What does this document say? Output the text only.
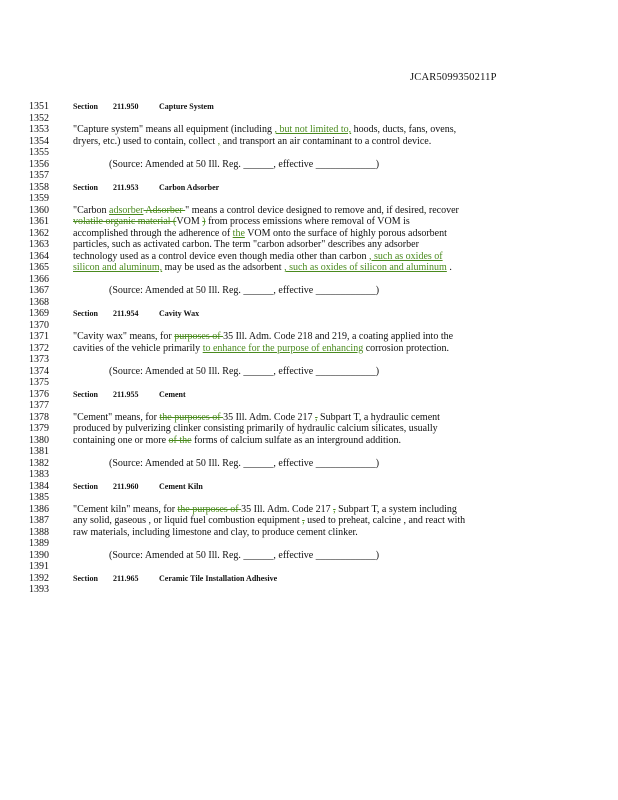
JCAR5099350211P
1351	Section 211.950	Capture System
1352
1353	"Capture system" means all equipment (including , but not limited to, hoods, ducts, fans, ovens,
1354	dryers, etc.) used to contain, collect , and transport an air contaminant to a control device.
1355
1356	(Source: Amended at 50 Ill. Reg. ______, effective ____________)
1357
1358	Section 211.953	Carbon Adsorber
1359
1360	"Carbon adsorber Adsorber " means a control device designed to remove and, if desired, recover
1361	volatile organic material (VOM ) from process emissions where removal of VOM is
1362	accomplished through the adherence of the VOM onto the surface of highly porous adsorbent
1363	particles, such as activated carbon. The term "carbon adsorber" describes any adsorber
1364	technology used as a control device even though media other than carbon , such as oxides of
1365	silicon and aluminum, may be used as the adsorbent , such as oxides of silicon and aluminum .
1366
1367	(Source: Amended at 50 Ill. Reg. ______, effective ____________)
1368
1369	Section 211.954	Cavity Wax
1370
1371	"Cavity wax" means, for purposes of 35 Ill. Adm. Code 218 and 219, a coating applied into the
1372	cavities of the vehicle primarily to enhance for the purpose of enhancing corrosion protection.
1373
1374	(Source: Amended at 50 Ill. Reg. ______, effective ____________)
1375
1376	Section 211.955	Cement
1377
1378	"Cement" means, for the purposes of 35 Ill. Adm. Code 217 , Subpart T, a hydraulic cement
1379	produced by pulverizing clinker consisting primarily of hydraulic calcium silicates, usually
1380	containing one or more of the forms of calcium sulfate as an interground addition.
1381
1382	(Source: Amended at 50 Ill. Reg. ______, effective ____________)
1383
1384	Section 211.960	Cement Kiln
1385
1386	"Cement kiln" means, for the purposes of 35 Ill. Adm. Code 217 , Subpart T, a system including
1387	any solid, gaseous , or liquid fuel combustion equipment , used to preheat, calcine , and react with
1388	raw materials, including limestone and clay, to produce cement clinker.
1389
1390	(Source: Amended at 50 Ill. Reg. ______, effective ____________)
1391
1392	Section 211.965	Ceramic Tile Installation Adhesive
1393
